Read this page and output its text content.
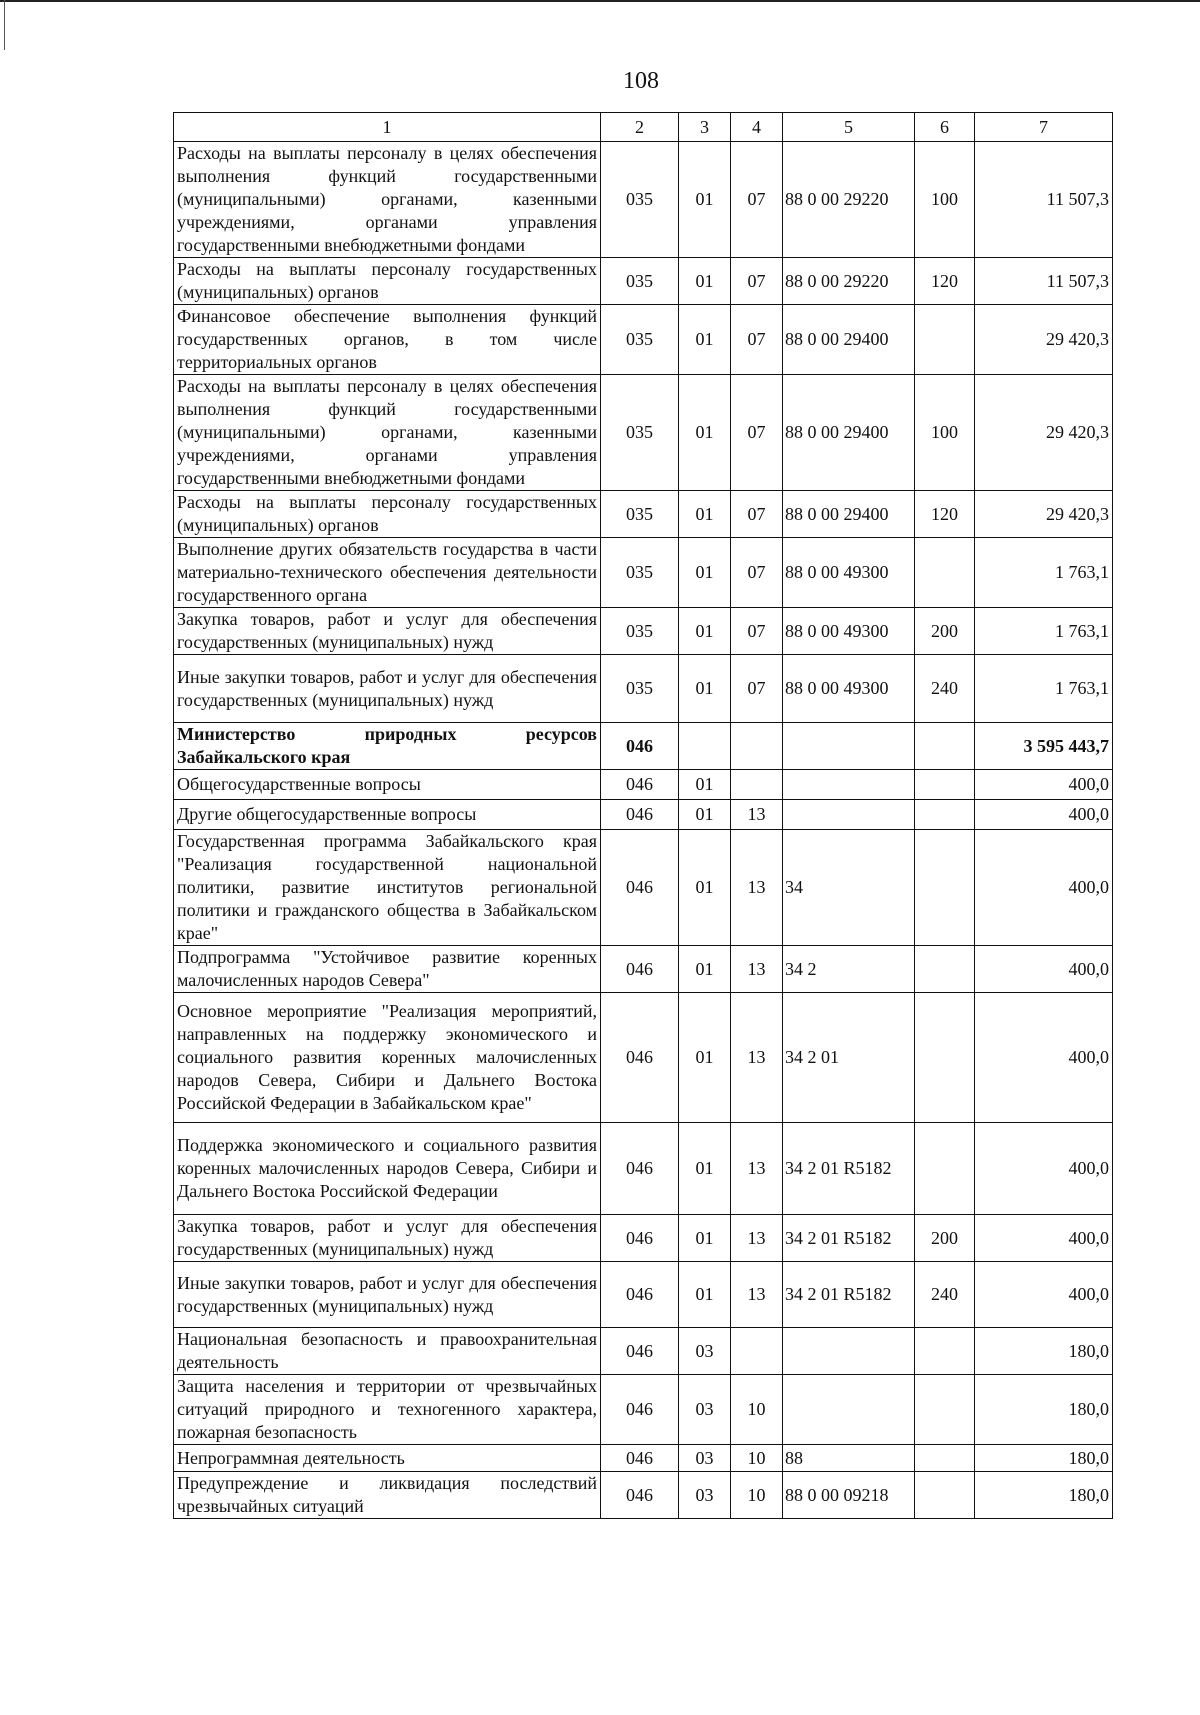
108
1	2	3	4	5	6	7
Расходы на выплаты персоналу в целях обеспечения выполнения функций государственными (муниципальными) органами, казенными учреждениями, органами управления государственными внебюджетными фондами	035	01	07	88 0 00 29220	100	11 507,3
Расходы на выплаты персоналу государственных (муниципальных) органов	035	01	07	88 0 00 29220	120	11 507,3
Финансовое обеспечение выполнения функций государственных органов, в том числе территориальных органов	035	01	07	88 0 00 29400		29 420,3
Расходы на выплаты персоналу в целях обеспечения выполнения функций государственными (муниципальными) органами, казенными учреждениями, органами управления государственными внебюджетными фондами	035	01	07	88 0 00 29400	100	29 420,3
Расходы на выплаты персоналу государственных (муниципальных) органов	035	01	07	88 0 00 29400	120	29 420,3
Выполнение других обязательств государства в части материально-технического обеспечения деятельности государственного органа	035	01	07	88 0 00 49300		1 763,1
Закупка товаров, работ и услуг для обеспечения государственных (муниципальных) нужд	035	01	07	88 0 00 49300	200	1 763,1
Иные закупки товаров, работ и услуг для обеспечения государственных (муниципальных) нужд	035	01	07	88 0 00 49300	240	1 763,1
Министерство природных ресурсов Забайкальского края	046					3 595 443,7
Общегосударственные вопросы	046	01				400,0
Другие общегосударственные вопросы	046	01	13			400,0
Государственная программа Забайкальского края "Реализация государственной национальной политики, развитие институтов региональной политики и гражданского общества в Забайкальском крае"	046	01	13	34		400,0
Подпрограмма "Устойчивое развитие коренных малочисленных народов Севера"	046	01	13	34 2		400,0
Основное мероприятие "Реализация мероприятий, направленных на поддержку экономического и социального развития коренных малочисленных народов Севера, Сибири и Дальнего Востока Российской Федерации в Забайкальском крае"	046	01	13	34 2 01		400,0
Поддержка экономического и социального развития коренных малочисленных народов Севера, Сибири и Дальнего Востока Российской Федерации	046	01	13	34 2 01 R5182		400,0
Закупка товаров, работ и услуг для обеспечения государственных (муниципальных) нужд	046	01	13	34 2 01 R5182	200	400,0
Иные закупки товаров, работ и услуг для обеспечения государственных (муниципальных) нужд	046	01	13	34 2 01 R5182	240	400,0
Национальная безопасность и правоохранительная деятельность	046	03				180,0
Защита населения и территории от чрезвычайных ситуаций природного и техногенного характера, пожарная безопасность	046	03	10			180,0
Непрограммная деятельность	046	03	10	88		180,0
Предупреждение и ликвидация последствий чрезвычайных ситуаций	046	03	10	88 0 00 09218		180,0
